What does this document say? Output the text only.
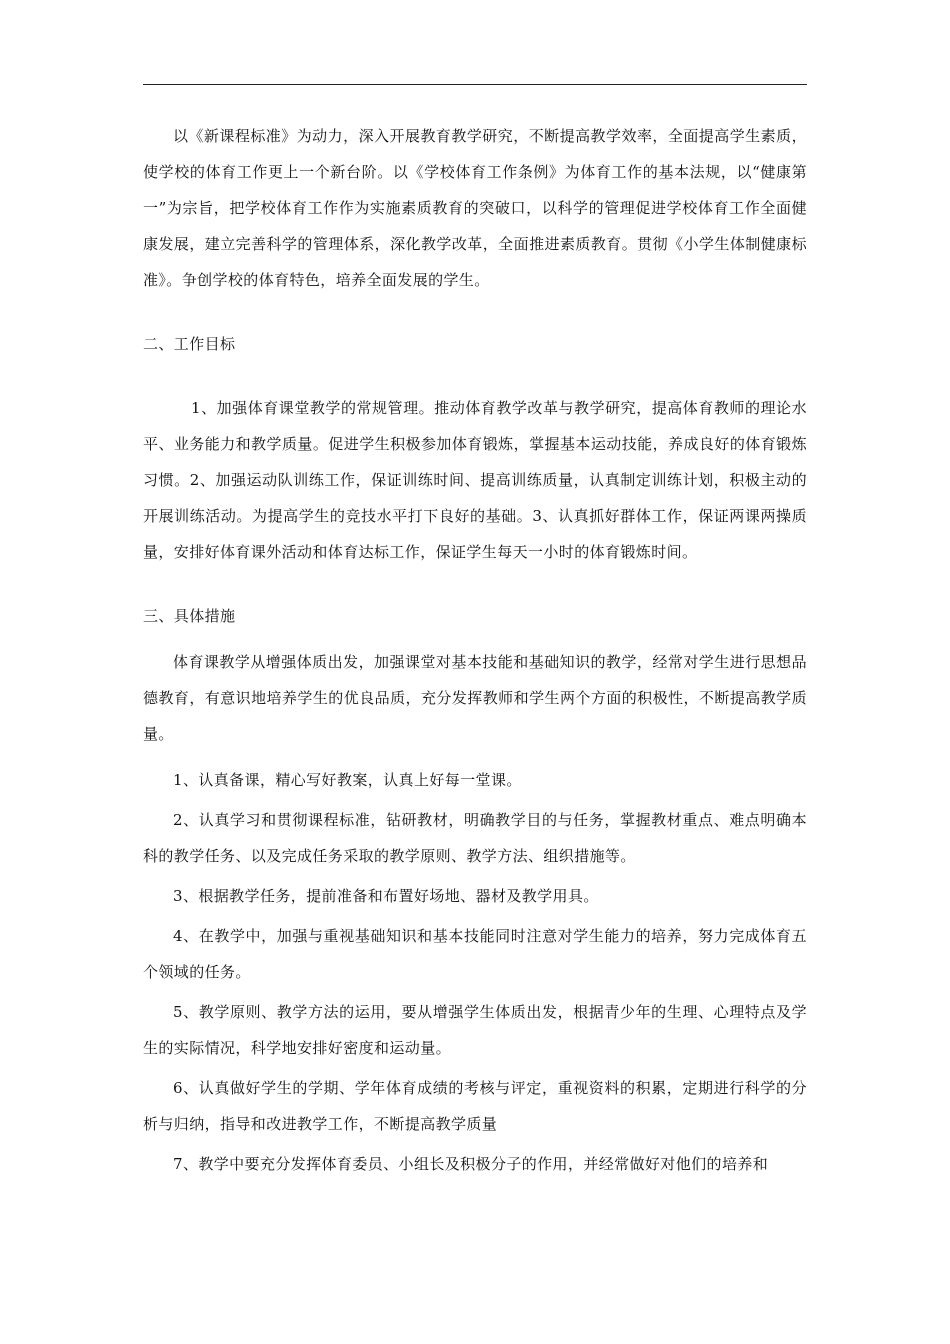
以《新课程标准》为动力，深入开展教育教学研究，不断提高教学效率，全面提高学生素质，使学校的体育工作更上一个新台阶。以《学校体育工作条例》为体育工作的基本法规，以“健康第一”为宗旨，把学校体育工作作为实施素质教育的突破口，以科学的管理促进学校体育工作全面健康发展，建立完善科学的管理体系，深化教学改革，全面推进素质教育。贯彻《小学生体制健康标准》。争创学校的体育特色，培养全面发展的学生。

二、工作目标

1、加强体育课堂教学的常规管理。推动体育教学改革与教学研究，提高体育教师的理论水平、业务能力和教学质量。促进学生积极参加体育锻炼，掌握基本运动技能，养成良好的体育锻炼习惯。2、加强运动队训练工作，保证训练时间、提高训练质量，认真制定训练计划，积极主动的开展训练活动。为提高学生的竞技水平打下良好的基础。3、认真抓好群体工作，保证两课两操质量，安排好体育课外活动和体育达标工作，保证学生每天一小时的体育锻炼时间。

三、具体措施

体育课教学从增强体质出发，加强课堂对基本技能和基础知识的教学，经常对学生进行思想品德教育，有意识地培养学生的优良品质，充分发挥教师和学生两个方面的积极性，不断提高教学质量。

1、认真备课，精心写好教案，认真上好每一堂课。

2、认真学习和贯彻课程标准，钻研教材，明确教学目的与任务，掌握教材重点、难点明确本科的教学任务、以及完成任务采取的教学原则、教学方法、组织措施等。

3、根据教学任务，提前准备和布置好场地、器材及教学用具。

4、在教学中，加强与重视基础知识和基本技能同时注意对学生能力的培养，努力完成体育五个领域的任务。

5、教学原则、教学方法的运用，要从增强学生体质出发，根据青少年的生理、心理特点及学生的实际情况，科学地安排好密度和运动量。

6、认真做好学生的学期、学年体育成绩的考核与评定，重视资料的积累，定期进行科学的分析与归纳，指导和改进教学工作，不断提高教学质量

7、教学中要充分发挥体育委员、小组长及积极分子的作用，并经常做好对他们的培养和
